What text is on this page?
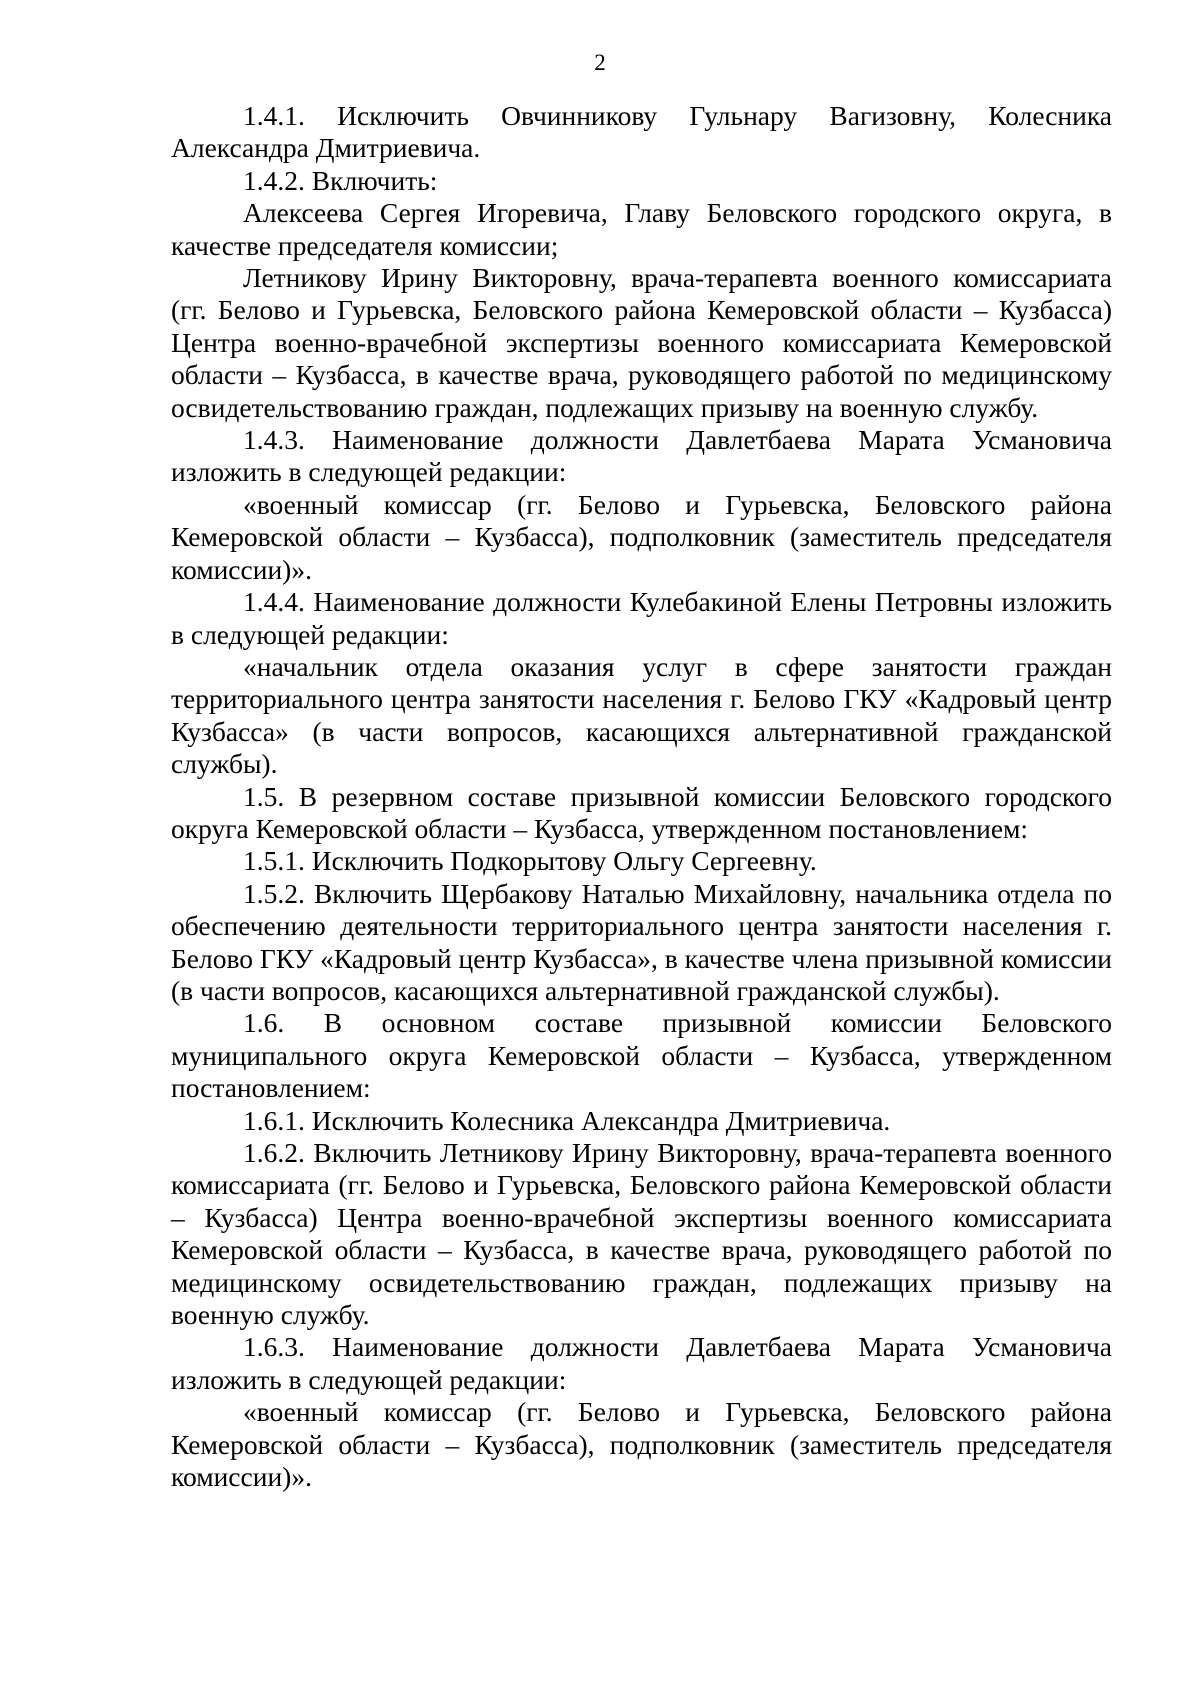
2

1.4.1. Исключить Овчинникову Гульнару Вагизовну, Колесника Александра Дмитриевича.

1.4.2. Включить:

Алексеева Сергея Игоревича, Главу Беловского городского округа, в качестве председателя комиссии;

Летникову Ирину Викторовну, врача-терапевта военного комиссариата (гг. Белово и Гурьевска, Беловского района Кемеровской области – Кузбасса) Центра военно-врачебной экспертизы военного комиссариата Кемеровской области – Кузбасса, в качестве врача, руководящего работой по медицинскому освидетельствованию граждан, подлежащих призыву на военную службу.

1.4.3. Наименование должности Давлетбаева Марата Усмановича изложить в следующей редакции:

«военный комиссар (гг. Белово и Гурьевска, Беловского района Кемеровской области – Кузбасса), подполковник (заместитель председателя комиссии)».

1.4.4. Наименование должности Кулебакиной Елены Петровны изложить в следующей редакции:

«начальник отдела оказания услуг в сфере занятости граждан территориального центра занятости населения г. Белово ГКУ «Кадровый центр Кузбасса» (в части вопросов, касающихся альтернативной гражданской службы).

1.5. В резервном составе призывной комиссии Беловского городского округа Кемеровской области – Кузбасса, утвержденном постановлением:

1.5.1. Исключить Подкорытову Ольгу Сергеевну.

1.5.2. Включить Щербакову Наталью Михайловну, начальника отдела по обеспечению деятельности территориального центра занятости населения г. Белово ГКУ «Кадровый центр Кузбасса», в качестве члена призывной комиссии (в части вопросов, касающихся альтернативной гражданской службы).

1.6. В основном составе призывной комиссии Беловского муниципального округа Кемеровской области – Кузбасса, утвержденном постановлением:

1.6.1. Исключить Колесника Александра Дмитриевича.

1.6.2. Включить Летникову Ирину Викторовну, врача-терапевта военного комиссариата (гг. Белово и Гурьевска, Беловского района Кемеровской области – Кузбасса) Центра военно-врачебной экспертизы военного комиссариата Кемеровской области – Кузбасса, в качестве врача, руководящего работой по медицинскому освидетельствованию граждан, подлежащих призыву на военную службу.

1.6.3. Наименование должности Давлетбаева Марата Усмановича изложить в следующей редакции:

«военный комиссар (гг. Белово и Гурьевска, Беловского района Кемеровской области – Кузбасса), подполковник (заместитель председателя комиссии)».
